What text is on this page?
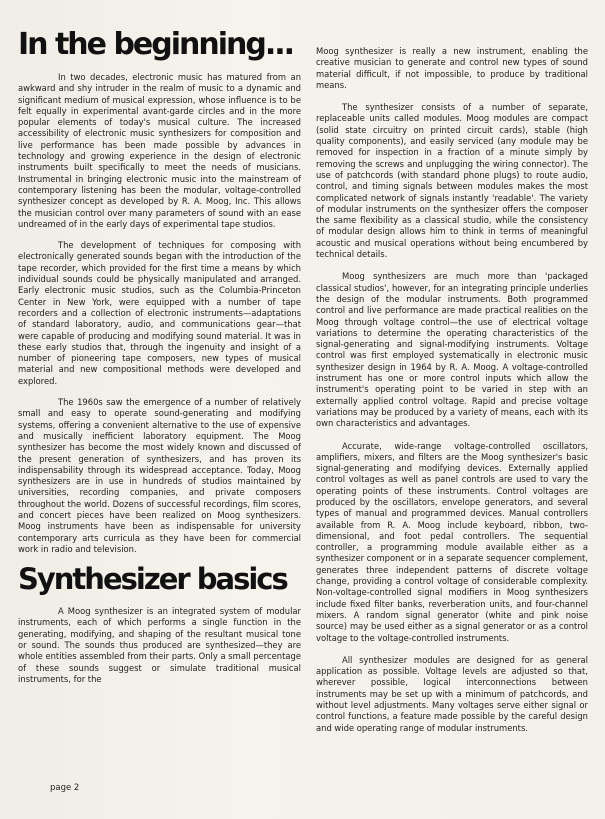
In the beginning...

In two decades, electronic music has matured from an awkward and shy intruder in the realm of music to a dynamic and significant medium of musical expression, whose influence is to be felt equally in experimental avant-garde circles and in the more popular elements of today's musical culture. The increased accessibility of electronic music synthesizers for composition and live performance has been made possible by advances in technology and growing experience in the design of electronic instruments built specifically to meet the needs of musicians. Instrumental in bringing electronic music into the mainstream of contemporary listening has been the modular, voltage-controlled synthesizer concept as developed by R. A. Moog, Inc. This allows the musician control over many parameters of sound with an ease undreamed of in the early days of experimental tape studios.

The development of techniques for composing with electronically generated sounds began with the introduction of the tape recorder, which provided for the first time a means by which individual sounds could be physically manipulated and arranged. Early electronic music studios, such as the Columbia-Princeton Center in New York, were equipped with a number of tape recorders and a collection of electronic instruments—adaptations of standard laboratory, audio, and communications gear—that were capable of producing and modifying sound material. It was in these early studios that, through the ingenuity and insight of a number of pioneering tape composers, new types of musical material and new compositional methods were developed and explored.

The 1960s saw the emergence of a number of relatively small and easy to operate sound-generating and modifying systems, offering a convenient alternative to the use of expensive and musically inefficient laboratory equipment. The Moog synthesizer has become the most widely known and discussed of the present generation of synthesizers, and has proven its indispensability through its widespread acceptance. Today, Moog synthesizers are in use in hundreds of studios maintained by universities, recording companies, and private composers throughout the world. Dozens of successful recordings, film scores, and concert pieces have been realized on Moog synthesizers. Moog instruments have been as indispensable for university contemporary arts curricula as they have been for commercial work in radio and television.

Synthesizer basics

A Moog synthesizer is an integrated system of modular instruments, each of which performs a single function in the generating, modifying, and shaping of the resultant musical tone or sound. The sounds thus produced are synthesized—they are whole entities assembled from their parts. Only a small percentage of these sounds suggest or simulate traditional musical instruments, for the

Moog synthesizer is really a new instrument, enabling the creative musician to generate and control new types of sound material difficult, if not impossible, to produce by traditional means.

The synthesizer consists of a number of separate, replaceable units called modules. Moog modules are compact (solid state circuitry on printed circuit cards), stable (high quality components), and easily serviced (any module may be removed for inspection in a fraction of a minute simply by removing the screws and unplugging the wiring connector). The use of patchcords (with standard phone plugs) to route audio, control, and timing signals between modules makes the most complicated network of signals instantly 'readable'. The variety of modular instruments on the synthesizer offers the composer the same flexibility as a classical studio, while the consistency of modular design allows him to think in terms of meaningful acoustic and musical operations without being encumbered by technical details.

Moog synthesizers are much more than 'packaged classical studios', however, for an integrating principle underlies the design of the modular instruments. Both programmed control and live performance are made practical realities on the Moog through voltage control—the use of electrical voltage variations to determine the operating characteristics of the signal-generating and signal-modifying instruments. Voltage control was first employed systematically in electronic music synthesizer design in 1964 by R. A. Moog. A voltage-controlled instrument has one or more control inputs which allow the instrument's operating point to be varied in step with an externally applied control voltage. Rapid and precise voltage variations may be produced by a variety of means, each with its own characteristics and advantages.

Accurate, wide-range voltage-controlled oscillators, amplifiers, mixers, and filters are the Moog synthesizer's basic signal-generating and modifying devices. Externally applied control voltages as well as panel controls are used to vary the operating points of these instruments. Control voltages are produced by the oscillators, envelope generators, and several types of manual and programmed devices. Manual controllers available from R. A. Moog include keyboard, ribbon, two-dimensional, and foot pedal controllers. The sequential controller, a programming module available either as a synthesizer component or in a separate sequencer complement, generates three independent patterns of discrete voltage change, providing a control voltage of considerable complexity. Non-voltage-controlled signal modifiers in Moog synthesizers include fixed filter banks, reverberation units, and four-channel mixers. A random signal generator (white and pink noise source) may be used either as a signal generator or as a control voltage to the voltage-controlled instruments.

All synthesizer modules are designed for as general application as possible. Voltage levels are adjusted so that, wherever possible, logical interconnections between instruments may be set up with a minimum of patchcords, and without level adjustments. Many voltages serve either signal or control functions, a feature made possible by the careful design and wide operating range of modular instruments.

page 2
